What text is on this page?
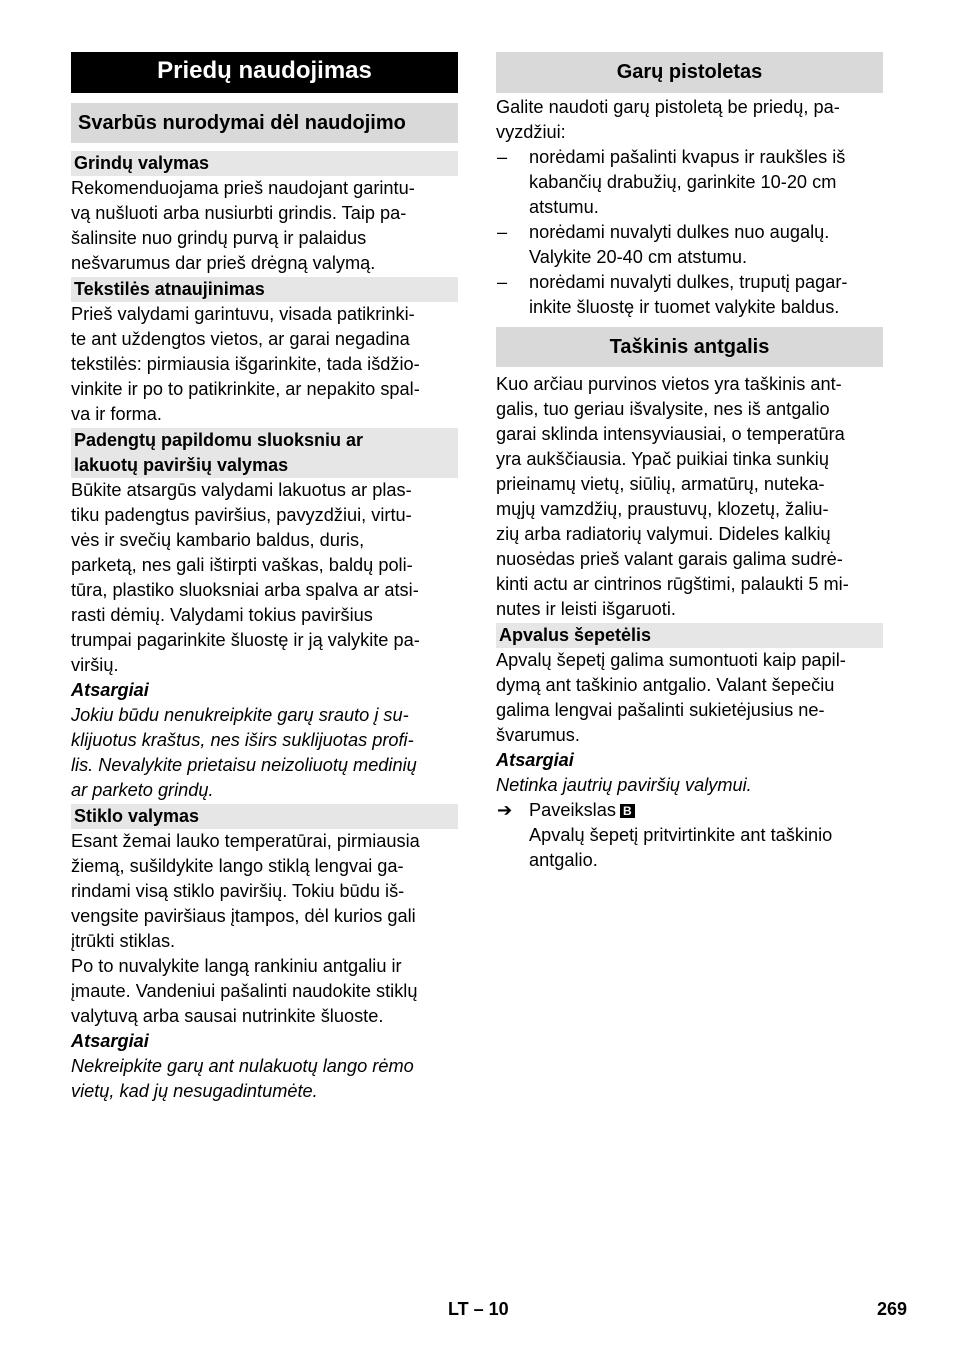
Priedų naudojimas
Svarbūs nurodymai dėl naudojimo
Grindų valymas

Rekomenduojama prieš naudojant garintu-
vą nušluoti arba nusiurbti grindis. Taip pa-
šalinsite nuo grindų purvą ir palaidus
nešvarumus dar prieš drėgną valymą.

Tekstilės atnaujinimas

Prieš valydami garintuvu, visada patikrinki-
te ant uždengtos vietos, ar garai negadina
tekstilės: pirmiausia išgarinkite, tada išdžio-
vinkite ir po to patikrinkite, ar nepakito spal-
va ir forma.

Padengtų papildomu sluoksniu ar
lakuotų paviršių valymas

Būkite atsargūs valydami lakuotus ar plas-
tiku padengtus paviršius, pavyzdžiui, virtu-
vės ir svečių kambario baldus, duris,
parketą, nes gali ištirpti vaškas, baldų poli-
tūra, plastiko sluoksniai arba spalva ar atsi-
rasti dėmių. Valydami tokius paviršius
trumpai pagarinkite šluostę ir ją valykite pa-
viršių.

Atsargiai

Jokiu būdu nenukreipkite garų srauto į su-
klijuotus kraštus, nes iširs suklijuotas profi-
lis. Nevalykite prietaisu neizoliuotų medinių
ar parketo grindų.

Stiklo valymas

Esant žemai lauko temperatūrai, pirmiausia
žiemą, sušildykite lango stiklą lengvai ga-
rindami visą stiklo paviršių. Tokiu būdu iš-
vengsite paviršiaus įtampos, dėl kurios gali
įtrūkti stiklas.

Po to nuvalykite langą rankiniu antgaliu ir
įmaute. Vandeniui pašalinti naudokite stiklų
valytuvą arba sausai nutrinkite šluoste.

Atsargiai

Nekreipkite garų ant nulakuotų lango rėmo
vietų, kad jų nesugadintumėte.

Garų pistoletas

Galite naudoti garų pistoletą be priedų, pa-
vyzdžiui:

– norėdami pašalinti kvapus ir raukšles iš
kabančių drabužių, garinkite 10-20 cm
atstumu.
– norėdami nuvalyti dulkes nuo augalų.
Valykite 20-40 cm atstumu.
– norėdami nuvalyti dulkes, truputį pagar-
inkite šluostę ir tuomet valykite baldus.
Taškinis antgalis

Kuo arčiau purvinos vietos yra taškinis ant-
galis, tuo geriau išvalysite, nes iš antgalio
garai sklinda intensyviausiai, o temperatūra
yra aukščiausia. Ypač puikiai tinka sunkių
prieinamų vietų, siūlių, armatūrų, nuteka-
mųjų vamzdžių, praustuvų, klozetų, žaliu-
zių arba radiatorių valymui. Dideles kalkių
nuosėdas prieš valant garais galima sudrė-
kinti actu ar cintrinos rūgštimi, palaukti 5 mi-
nutes ir leisti išgaruoti.

Apvalus šepetėlis

Apvalų šepetį galima sumontuoti kaip papil-
dymą ant taškinio antgalio. Valant šepečiu
galima lengvai pašalinti sukietėjusius ne-
švarumus.

Atsargiai

Netinka jautrių paviršių valymui.

➔ Paveikslas B

Apvalų šepetį pritvirtinkite ant taškinio
antgalio.

LT – 10	269
